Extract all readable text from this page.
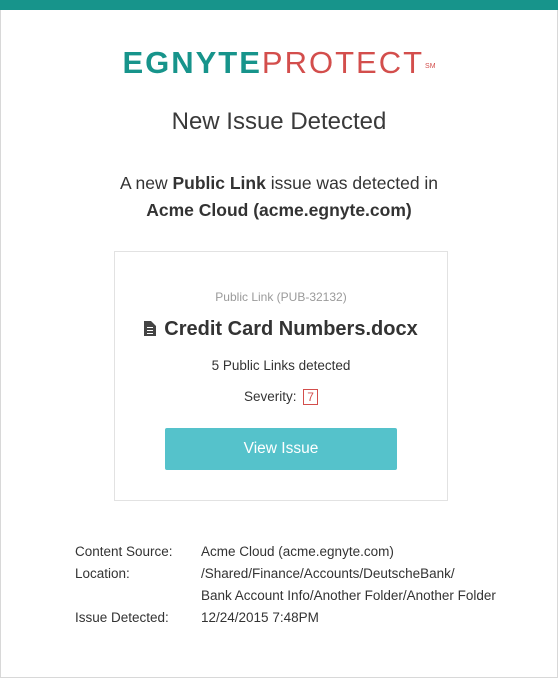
EGNYTEPROTECT℠
New Issue Detected
A new Public Link issue was detected in
Acme Cloud (acme.egnyte.com)
Public Link (PUB-32132)
Credit Card Numbers.docx
5 Public Links detected
Severity: 7
View Issue
Content Source:	Acme Cloud (acme.egnyte.com)
Location:	/Shared/Finance/Accounts/DeutscheBank/
Bank Account Info/Another Folder/Another Folder
Issue Detected:	12/24/2015 7:48PM
